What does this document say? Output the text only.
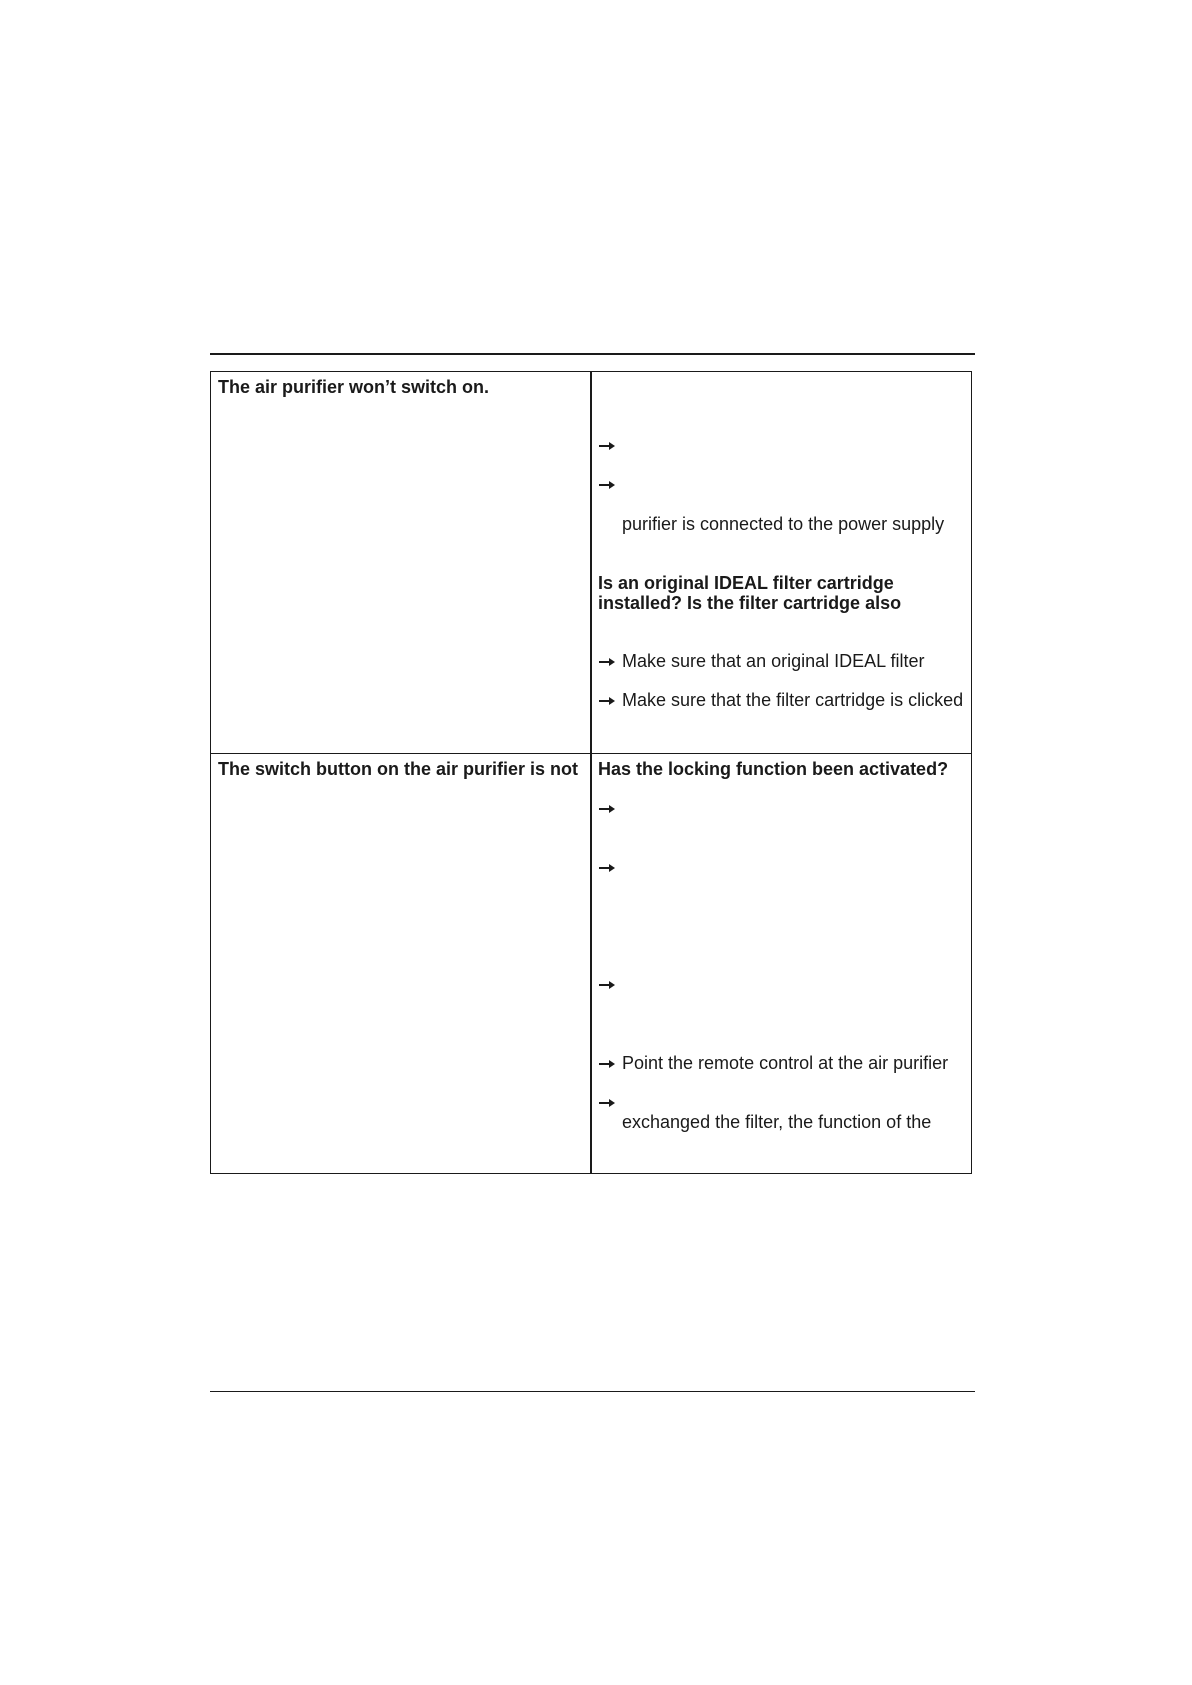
The air purifier won’t switch on.
purifier is connected to the power supply
Is an original IDEAL filter cartridge
installed? Is the filter cartridge also
Make sure that an original IDEAL filter
Make sure that the filter cartridge is clicked
The switch button on the air purifier is not Has the locking function been activated?
Point the remote control at the air purifier
exchanged the filter, the function of the
